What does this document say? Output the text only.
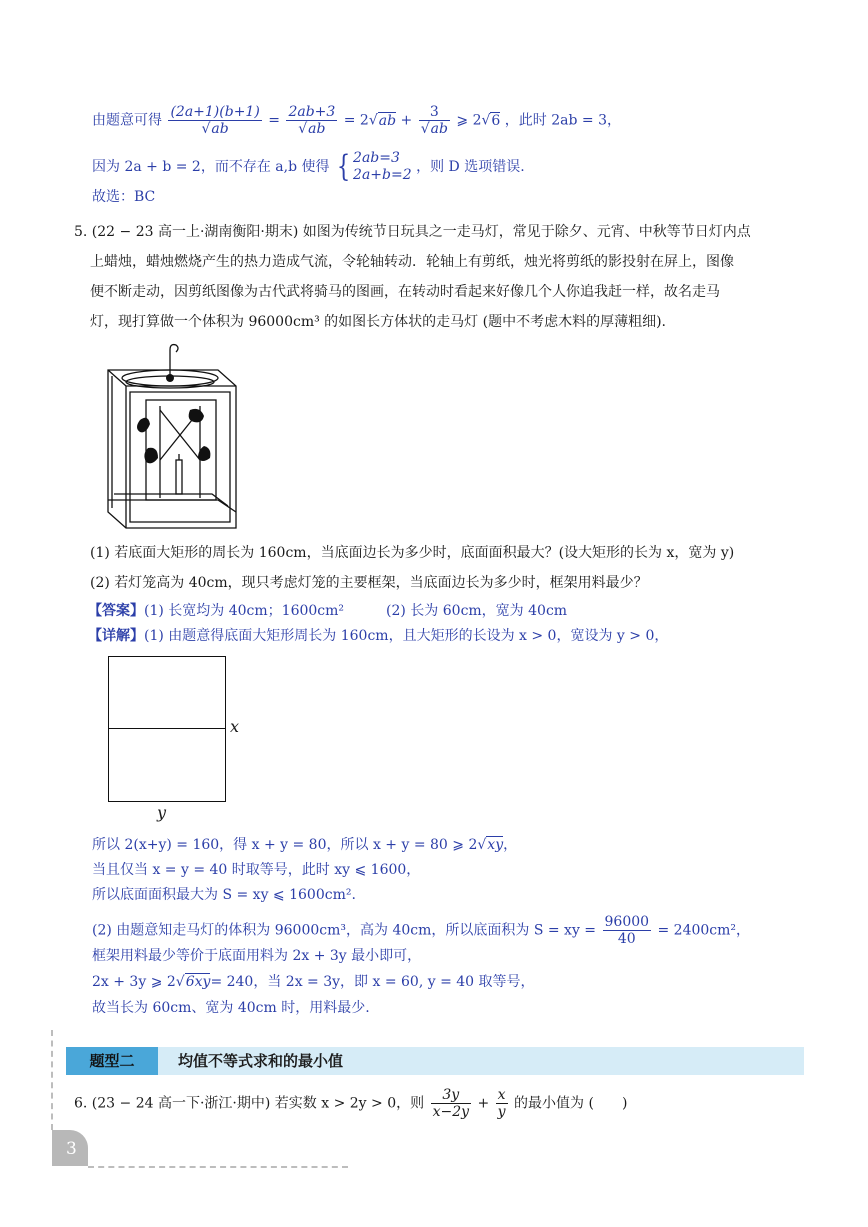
由题意可得 $\frac{(2a+1)(b+1)}{√ab} = \frac{2ab+3}{√ab} = 2√ab + \frac{3}{√ab}$ ⩾ 2√6 ，此时 2ab = 3，
因为 2a + b = 2，而不存在 a,b 使得 { 2ab=3
2a+b=2 ，则 D 选项错误.
故选：BC
5. (22 − 23 高一上·湖南衡阳·期末) 如图为传统节日玩具之一走马灯，常见于除夕、元宵、中秋等节日灯内点
上蜡烛，蜡烛燃烧产生的热力造成气流，令轮轴转动．轮轴上有剪纸，烛光将剪纸的影投射在屏上，图像
便不断走动，因剪纸图像为古代武将骑马的图画，在转动时看起来好像几个人你追我赶一样，故名走马
灯，现打算做一个体积为 96000cm³ 的如图长方体状的走马灯 (题中不考虑木料的厚薄粗细).
(1) 若底面大矩形的周长为 160cm，当底面边长为多少时，底面面积最大？(设大矩形的长为 x，宽为 y)
(2) 若灯笼高为 40cm，现只考虑灯笼的主要框架，当底面边长为多少时，框架用料最少？
【答案】(1) 长宽均为 40cm；1600cm²　　　(2) 长为 60cm，宽为 40cm
【详解】(1) 由题意得底面大矩形周长为 160cm，且大矩形的长设为 x > 0，宽设为 y > 0，
x
y
所以 2(x+y) = 160，得 x + y = 80，所以 x + y = 80 ⩾ 2√xy，
当且仅当 x = y = 40 时取等号，此时 xy ⩽ 1600，
所以底面面积最大为 S = xy ⩽ 1600cm².
(2) 由题意知走马灯的体积为 96000cm³，高为 40cm，所以底面积为 S = xy = $\frac{96000}{40} = 2400cm^2$，
框架用料最少等价于底面用料为 2x + 3y 最小即可，
2x + 3y ⩾ 2√6xy= 240，当 2x = 3y，即 x = 60, y = 40 取等号，
故当长为 60cm、宽为 40cm 时，用料最少.
题型二	均值不等式求和的最小值
6. (23 − 24 高一下·浙江·期中) 若实数 x > 2y > 0，则 $\frac{3y}{x-2y} + \frac{x}{y}$ 的最小值为 (　　)
3
